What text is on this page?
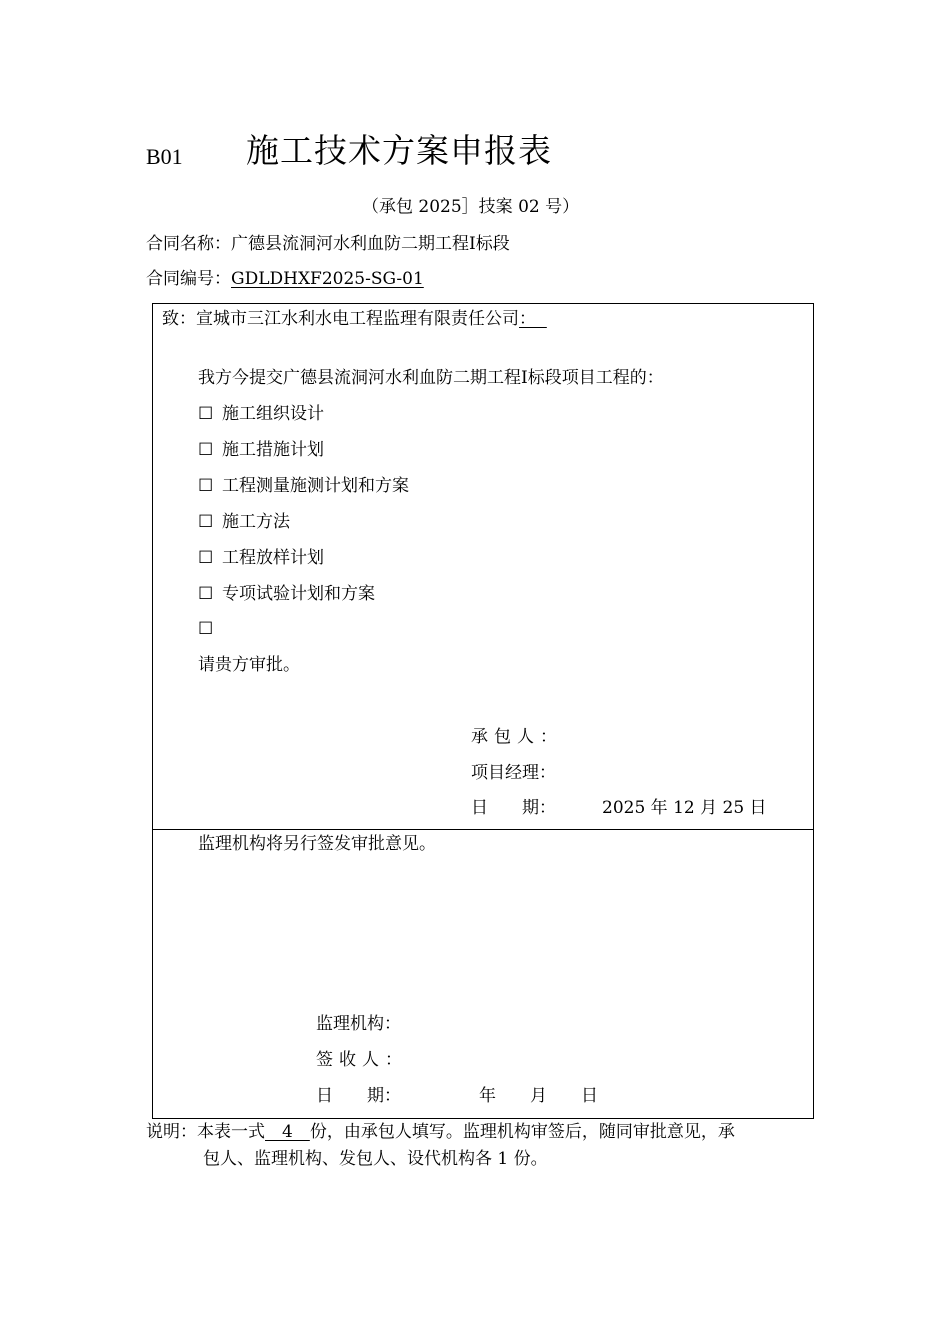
B01 施工技术方案申报表
（承包 2025］技案 02 号）
合同名称：广德县流洞河水利血防二期工程Ⅰ标段
合同编号：GDLDHXF2025-SG-01
致：宣城市三江水利水电工程监理有限责任公司：
我方今提交广德县流洞河水利血防二期工程Ⅰ标段项目工程的：
☐ 施工组织设计
☐ 施工措施计划
☐ 工程测量施测计划和方案
☐ 施工方法
☐ 工程放样计划
☐ 专项试验计划和方案
☐
请贵方审批。
承包人：
项目经理：
日　　期：	2025 年 12 月 25 日
监理机构将另行签发审批意见。
监理机构：
签收人：
日　　期：	年　　月　　日
说明：本表一式　4　份，由承包人填写。监理机构审签后，随同审批意见，承
包人、监理机构、发包人、设代机构各 1 份。
